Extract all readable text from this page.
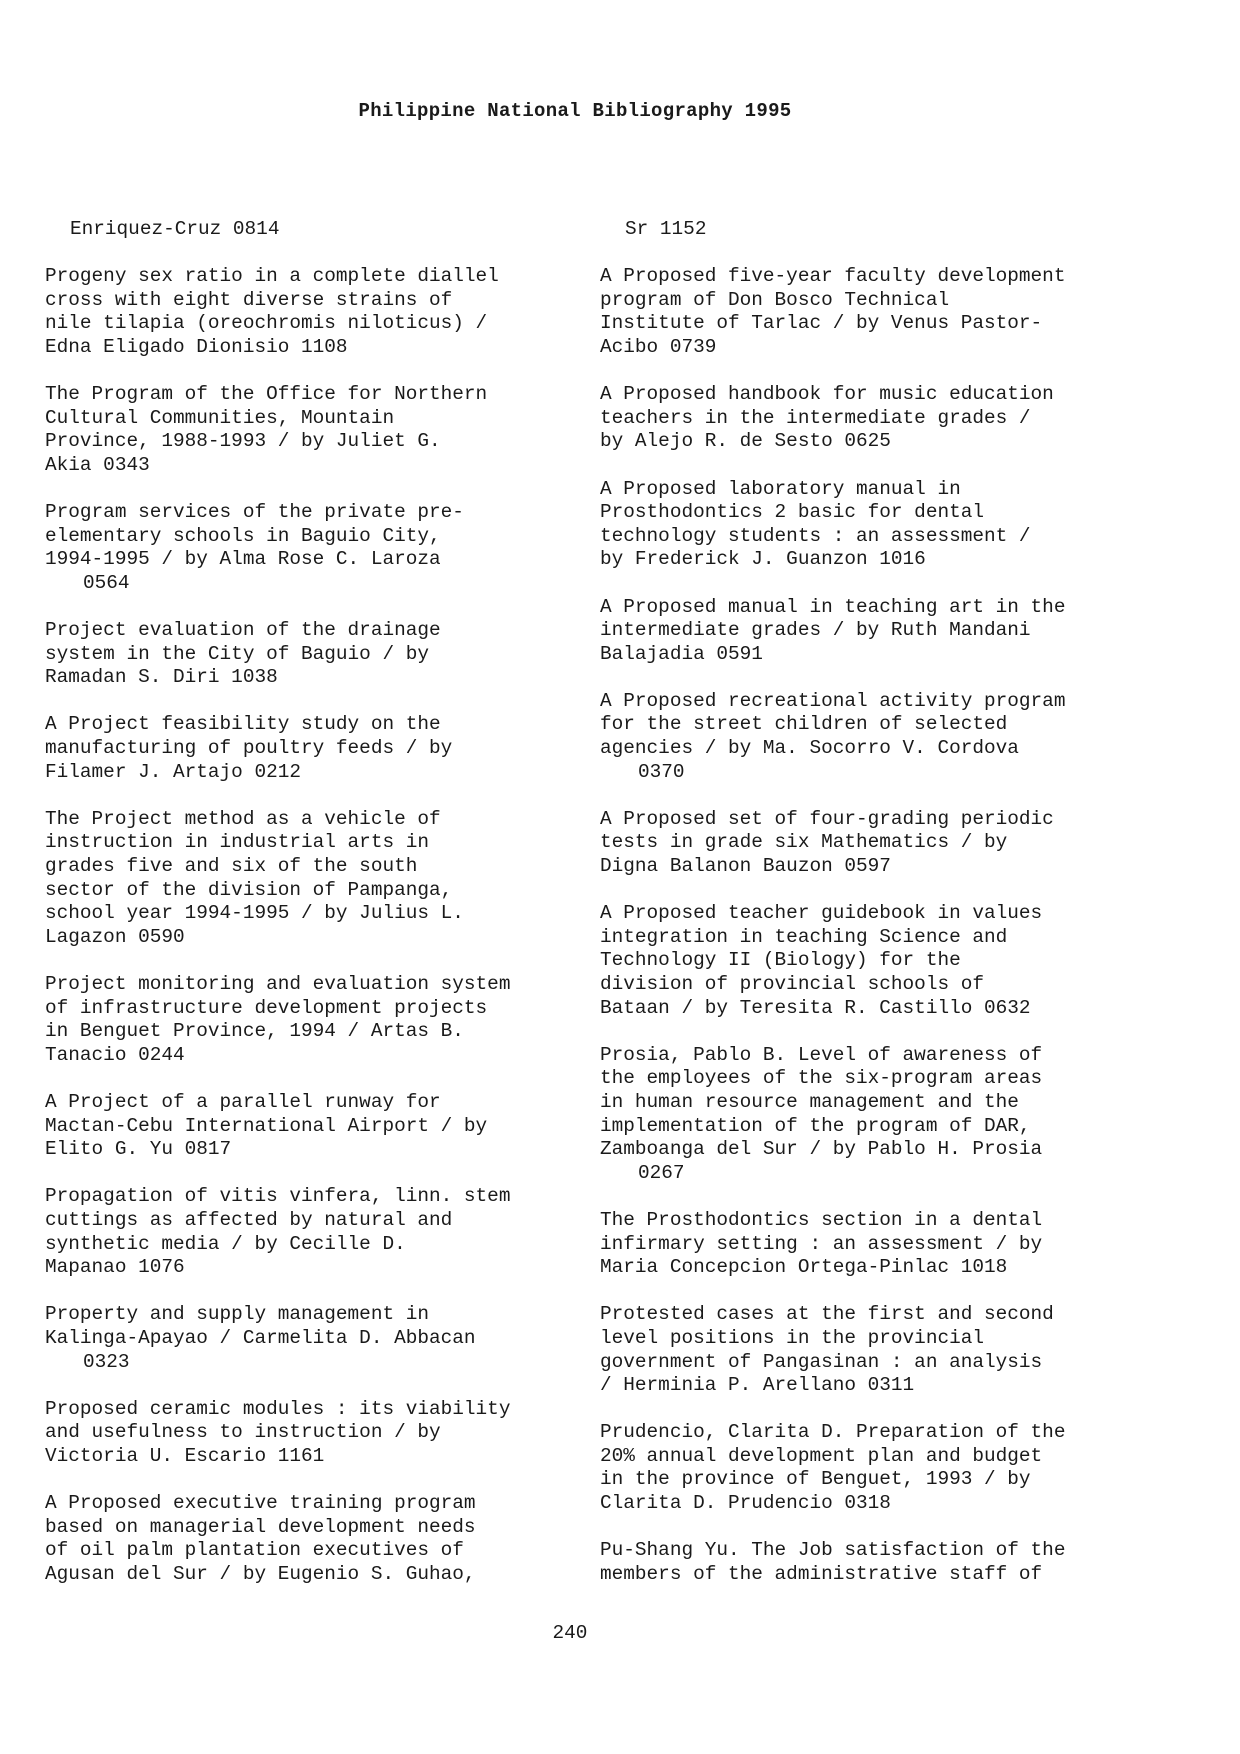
Philippine National Bibliography 1995
Enriquez-Cruz 0814
Progeny sex ratio in a complete diallel
cross with eight diverse strains of
nile tilapia (oreochromis niloticus) /
Edna Eligado Dionisio 1108
The Program of the Office for Northern
Cultural Communities, Mountain
Province, 1988-1993 / by Juliet G.
Akia 0343
Program services of the private pre-
elementary schools in Baguio City,
1994-1995 / by Alma Rose C. Laroza
0564
Project evaluation of the drainage
system in the City of Baguio / by
Ramadan S. Diri 1038
A Project feasibility study on the
manufacturing of poultry feeds / by
Filamer J. Artajo 0212
The Project method as a vehicle of
instruction in industrial arts in
grades five and six of the south
sector of the division of Pampanga,
school year 1994-1995 / by Julius L.
Lagazon 0590
Project monitoring and evaluation system
of infrastructure development projects
in Benguet Province, 1994 / Artas B.
Tanacio 0244
A Project of a parallel runway for
Mactan-Cebu International Airport / by
Elito G. Yu 0817
Propagation of vitis vinfera, linn. stem
cuttings as affected by natural and
synthetic media / by Cecille D.
Mapanao 1076
Property and supply management in
Kalinga-Apayao / Carmelita D. Abbacan
0323
Proposed ceramic modules : its viability
and usefulness to instruction / by
Victoria U. Escario 1161
A Proposed executive training program
based on managerial development needs
of oil palm plantation executives of
Agusan del Sur / by Eugenio S. Guhao,
Sr 1152
A Proposed five-year faculty development
program of Don Bosco Technical
Institute of Tarlac / by Venus Pastor-
Acibo 0739
A Proposed handbook for music education
teachers in the intermediate grades /
by Alejo R. de Sesto 0625
A Proposed laboratory manual in
Prosthodontics 2 basic for dental
technology students : an assessment /
by Frederick J. Guanzon 1016
A Proposed manual in teaching art in the
intermediate grades / by Ruth Mandani
Balajadia 0591
A Proposed recreational activity program
for the street children of selected
agencies / by Ma. Socorro V. Cordova
0370
A Proposed set of four-grading periodic
tests in grade six Mathematics / by
Digna Balanon Bauzon 0597
A Proposed teacher guidebook in values
integration in teaching Science and
Technology II (Biology) for the
division of provincial schools of
Bataan / by Teresita R. Castillo 0632
Prosia, Pablo B. Level of awareness of
the employees of the six-program areas
in human resource management and the
implementation of the program of DAR,
Zamboanga del Sur / by Pablo H. Prosia
0267
The Prosthodontics section in a dental
infirmary setting : an assessment / by
Maria Concepcion Ortega-Pinlac 1018
Protested cases at the first and second
level positions in the provincial
government of Pangasinan : an analysis
/ Herminia P. Arellano 0311
Prudencio, Clarita D. Preparation of the
20% annual development plan and budget
in the province of Benguet, 1993 / by
Clarita D. Prudencio 0318
Pu-Shang Yu. The Job satisfaction of the
members of the administrative staff of
240
